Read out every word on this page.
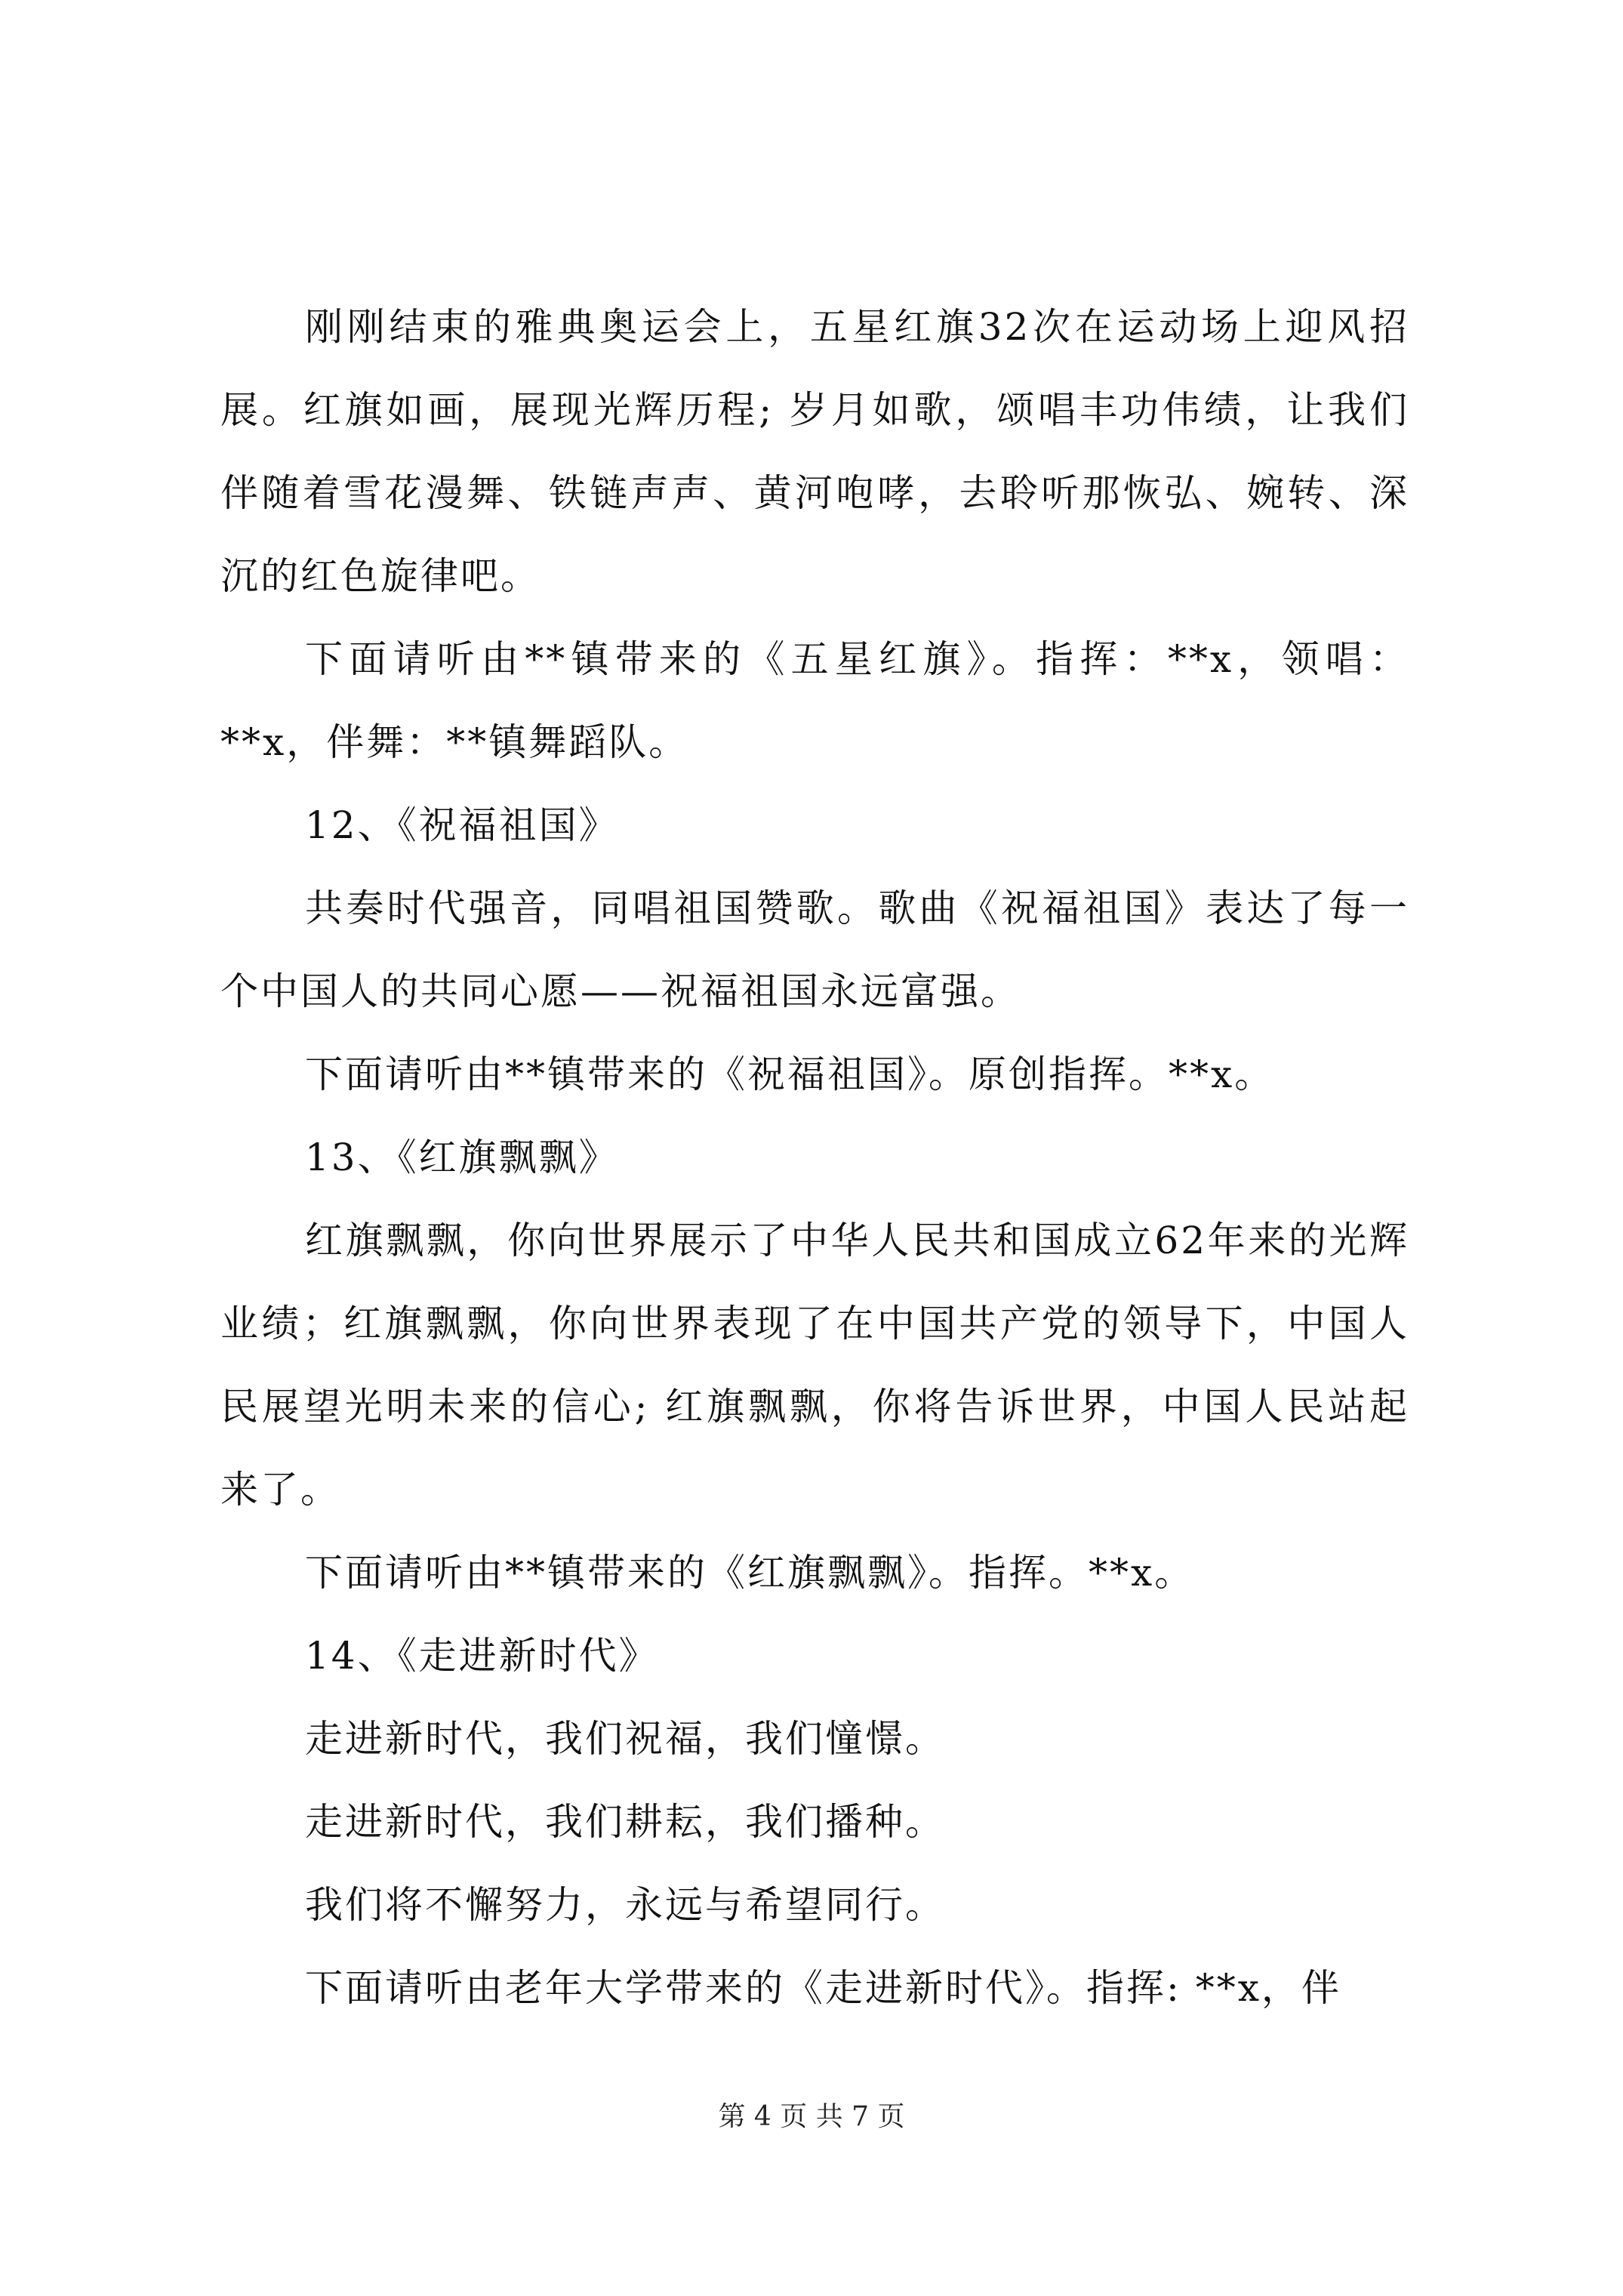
刚刚结束的雅典奥运会上，五星红旗32次在运动场上迎风招展。红旗如画，展现光辉历程; 岁月如歌，颂唱丰功伟绩，让我们伴随着雪花漫舞、铁链声声、黄河咆哮，去聆听那恢弘、婉转、深沉的红色旋律吧。

下面请听由**镇带来的《五星红旗》。指挥：**x，领唱：**x，伴舞：**镇舞蹈队。

12、《祝福祖国》

共奏时代强音，同唱祖国赞歌。歌曲《祝福祖国》表达了每一个中国人的共同心愿——祝福祖国永远富强。

下面请听由**镇带来的《祝福祖国》。原创指挥。**x。

13、《红旗飘飘》

红旗飘飘，你向世界展示了中华人民共和国成立62年来的光辉业绩；红旗飘飘，你向世界表现了在中国共产党的领导下，中国人民展望光明未来的信心; 红旗飘飘，你将告诉世界，中国人民站起来了。

下面请听由**镇带来的《红旗飘飘》。指挥。**x。

14、《走进新时代》

走进新时代，我们祝福，我们憧憬。

走进新时代，我们耕耘，我们播种。

我们将不懈努力，永远与希望同行。

下面请听由老年大学带来的《走进新时代》。指挥: **x，伴

第 4 页 共 7 页
